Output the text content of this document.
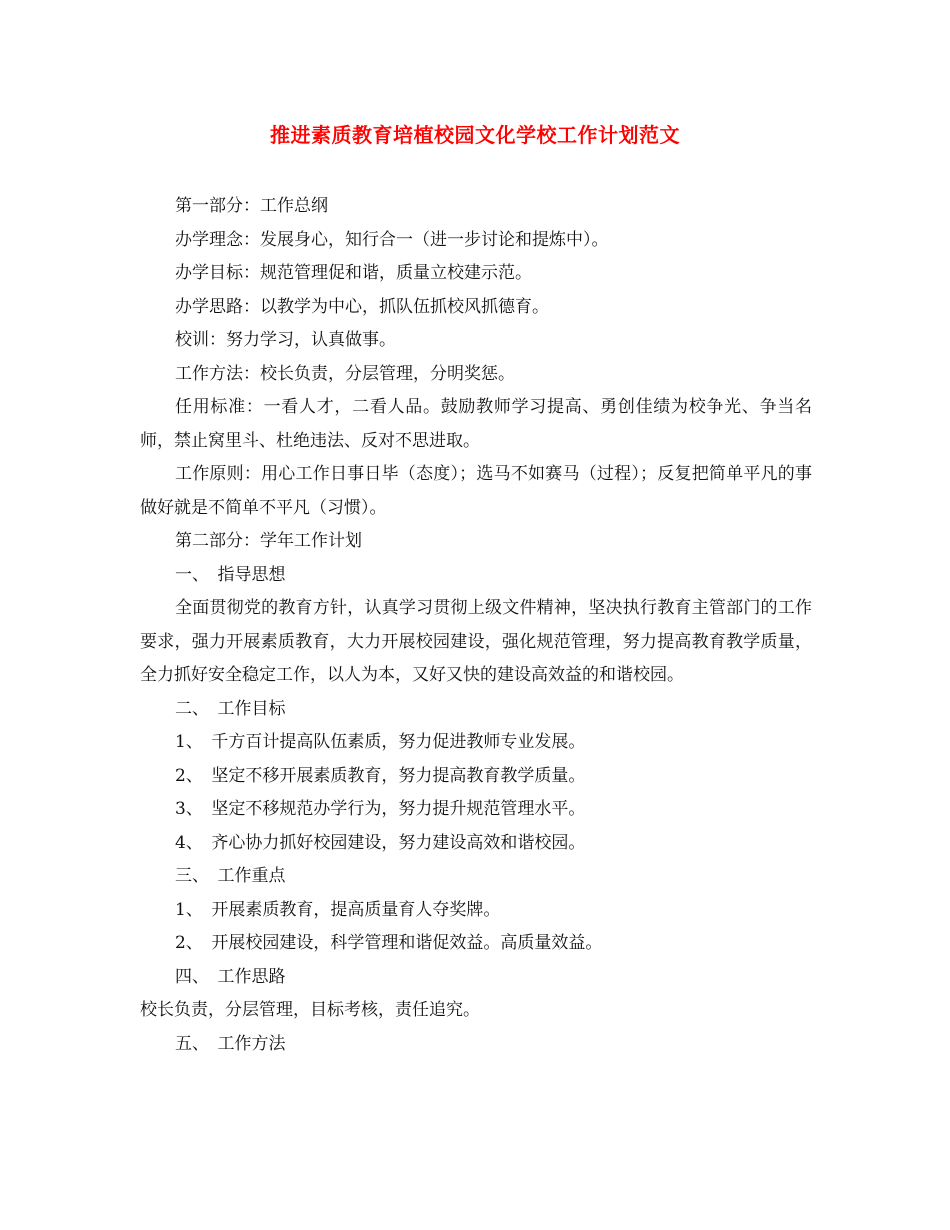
推进素质教育培植校园文化学校工作计划范文

第一部分：工作总纲

办学理念：发展身心，知行合一（进一步讨论和提炼中）。

办学目标：规范管理促和谐，质量立校建示范。

办学思路：以教学为中心，抓队伍抓校风抓德育。

校训：努力学习，认真做事。

工作方法：校长负责，分层管理，分明奖惩。

任用标准：一看人才，二看人品。鼓励教师学习提高、勇创佳绩为校争光、争当名师，禁止窝里斗、杜绝违法、反对不思进取。

工作原则：用心工作日事日毕（态度）；选马不如赛马（过程）；反复把简单平凡的事做好就是不简单不平凡（习惯）。

第二部分：学年工作计划

一、　指导思想

全面贯彻党的教育方针，认真学习贯彻上级文件精神，坚决执行教育主管部门的工作要求，强力开展素质教育，大力开展校园建设，强化规范管理，努力提高教育教学质量，全力抓好安全稳定工作，以人为本，又好又快的建设高效益的和谐校园。

二、　工作目标

1、　千方百计提高队伍素质，努力促进教师专业发展。

2、　坚定不移开展素质教育，努力提高教育教学质量。

3、　坚定不移规范办学行为，努力提升规范管理水平。

4、　齐心协力抓好校园建设，努力建设高效和谐校园。

三、　工作重点

1、　开展素质教育，提高质量育人夺奖牌。

2、　开展校园建设，科学管理和谐促效益。高质量效益。

四、　工作思路

校长负责，分层管理，目标考核，责任追究。

五、　工作方法
